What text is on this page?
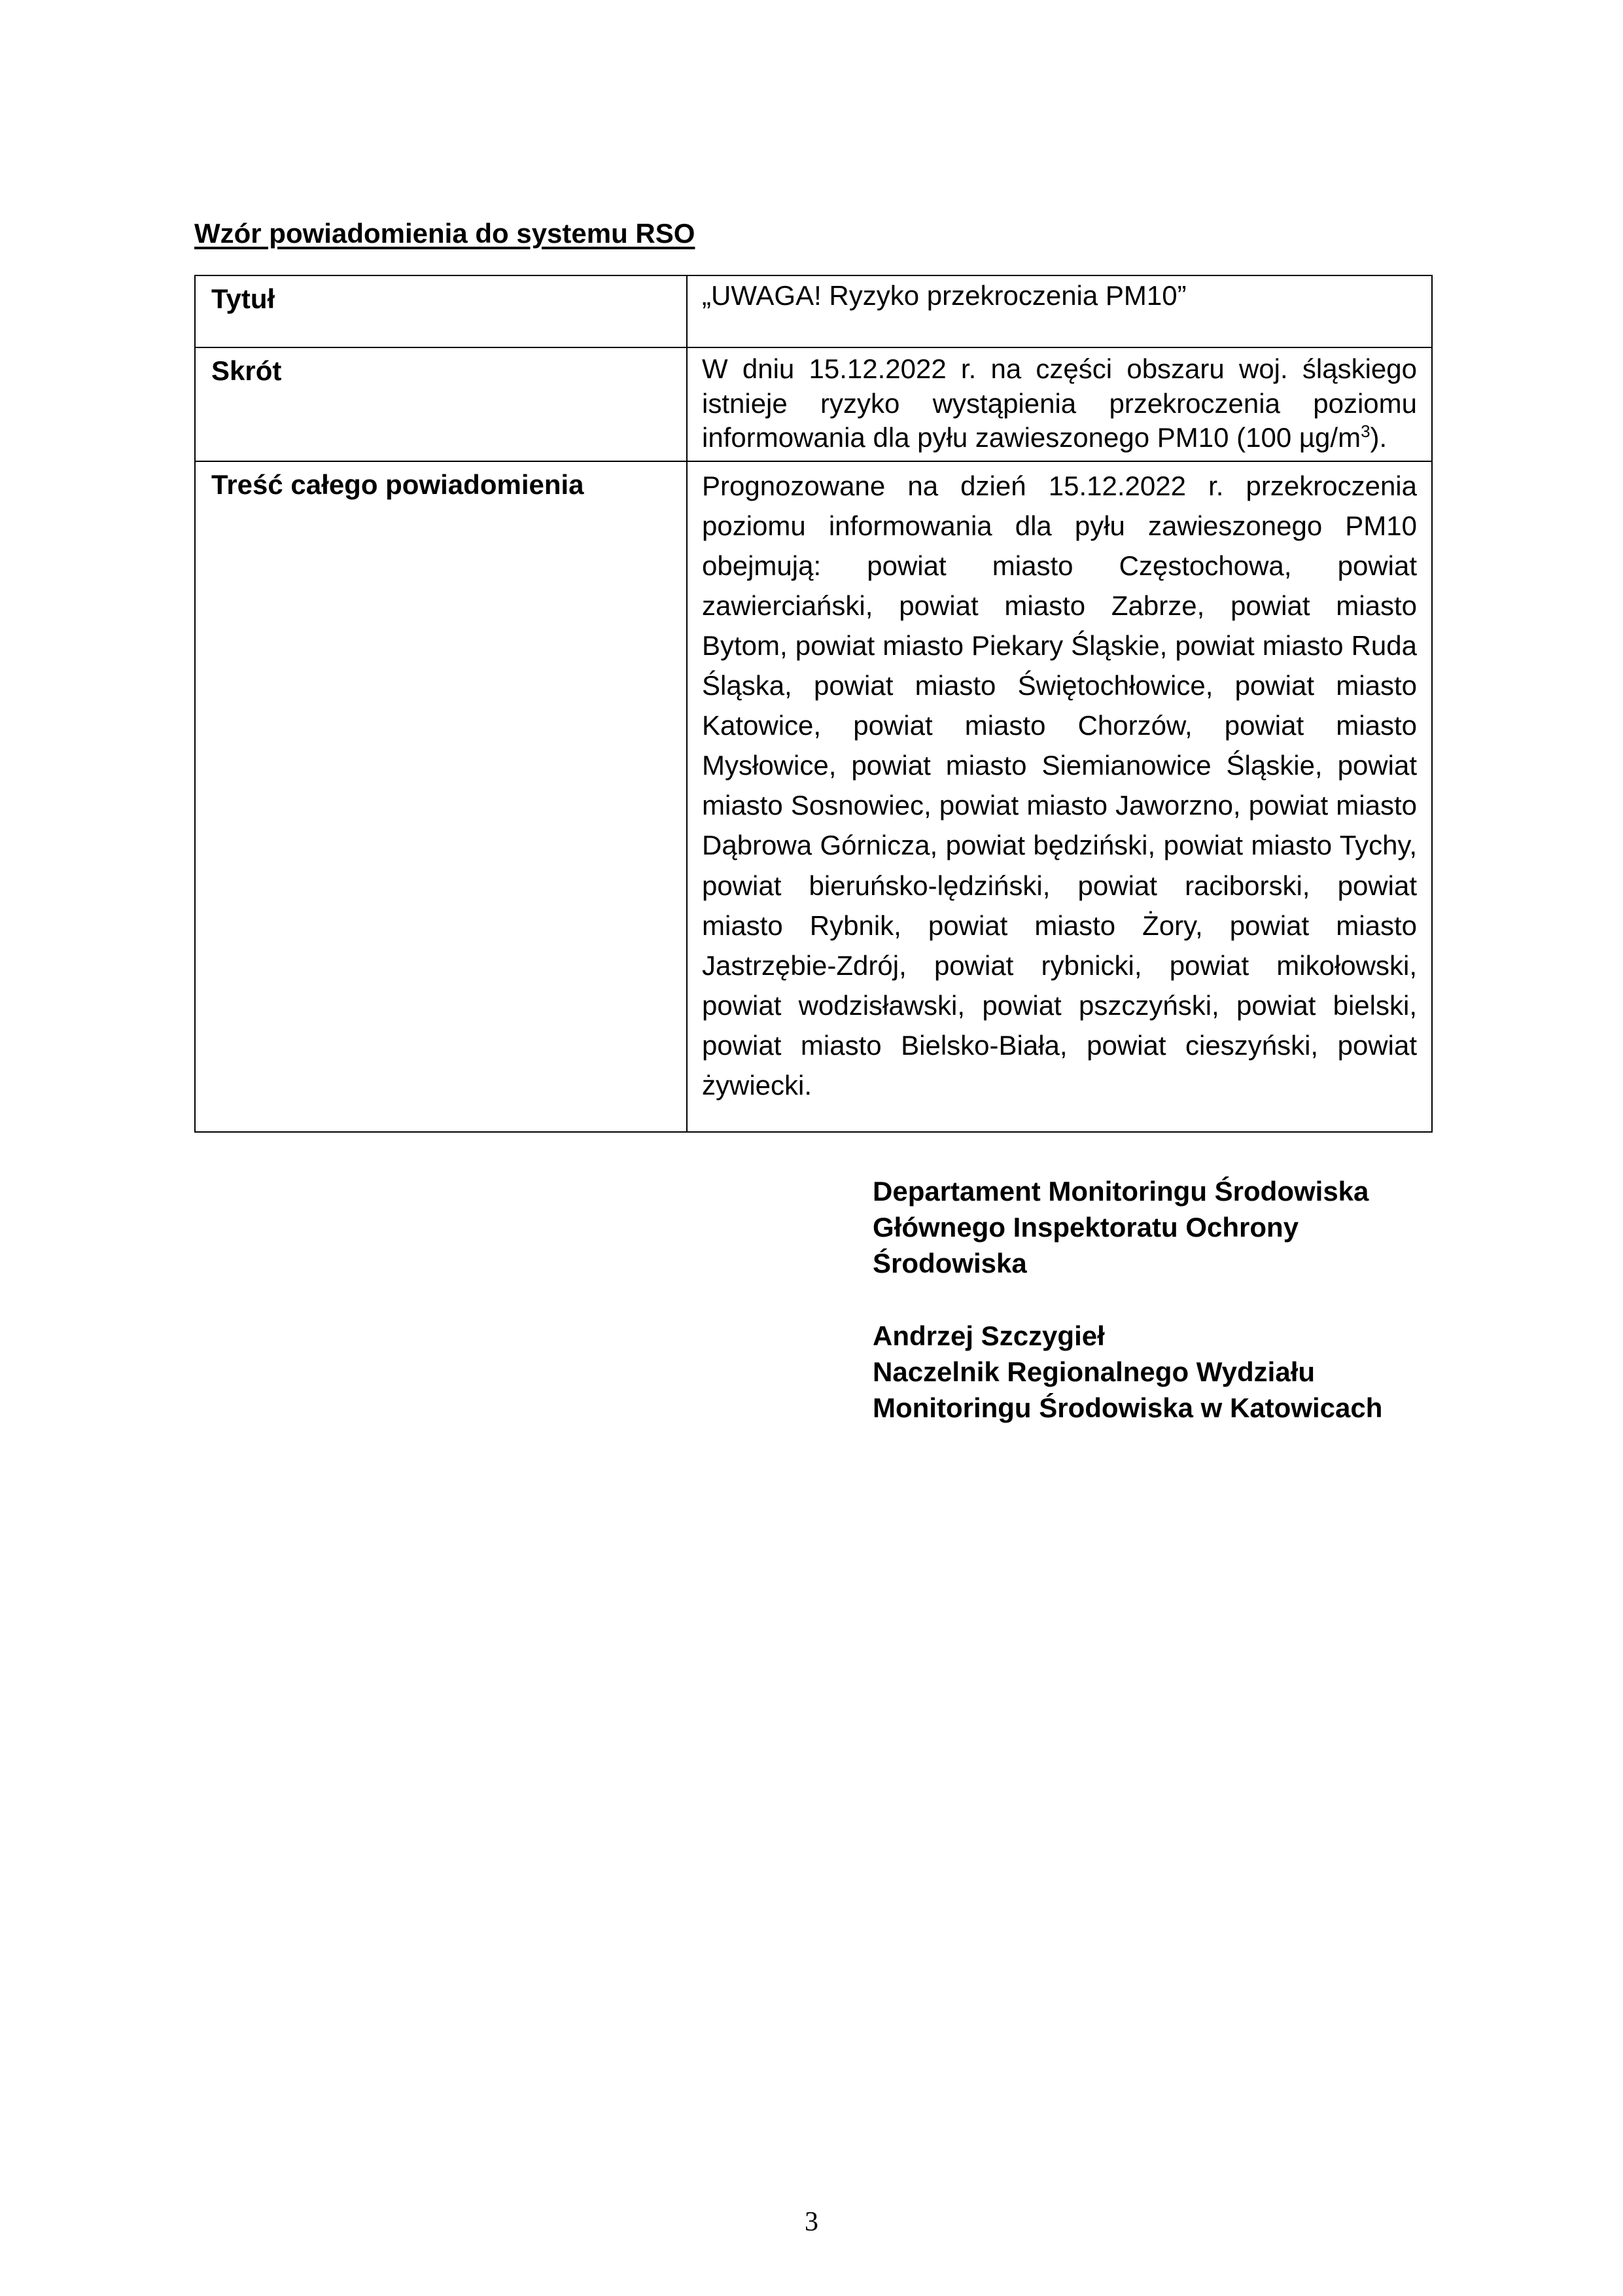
Wzór powiadomienia do systemu RSO
Tytuł	„UWAGA! Ryzyko przekroczenia PM10”
Skrót	W dniu 15.12.2022 r. na części obszaru woj. śląskiego istnieje ryzyko wystąpienia przekroczenia poziomu informowania dla pyłu zawieszonego PM10 (100 $\mu g/m^3$).
Treść całego powiadomienia	Prognozowane na dzień 15.12.2022 r. przekroczenia poziomu informowania dla pyłu zawieszonego PM10 obejmują: powiat miasto Częstochowa, powiat zawierciański, powiat miasto Zabrze, powiat miasto Bytom, powiat miasto Piekary Śląskie, powiat miasto Ruda Śląska, powiat miasto Świętochłowice, powiat miasto Katowice, powiat miasto Chorzów, powiat miasto Mysłowice, powiat miasto Siemianowice Śląskie, powiat miasto Sosnowiec, powiat miasto Jaworzno, powiat miasto Dąbrowa Górnicza, powiat będziński, powiat miasto Tychy, powiat bieruńsko-lędziński, powiat raciborski, powiat miasto Rybnik, powiat miasto Żory, powiat miasto Jastrzębie-Zdrój, powiat rybnicki, powiat mikołowski, powiat wodzisławski, powiat pszczyński, powiat bielski, powiat miasto Bielsko-Biała, powiat cieszyński, powiat żywiecki.
Departament Monitoringu Środowiska
Głównego Inspektoratu Ochrony
Środowiska
Andrzej Szczygieł
Naczelnik Regionalnego Wydziału
Monitoringu Środowiska w Katowicach
3
